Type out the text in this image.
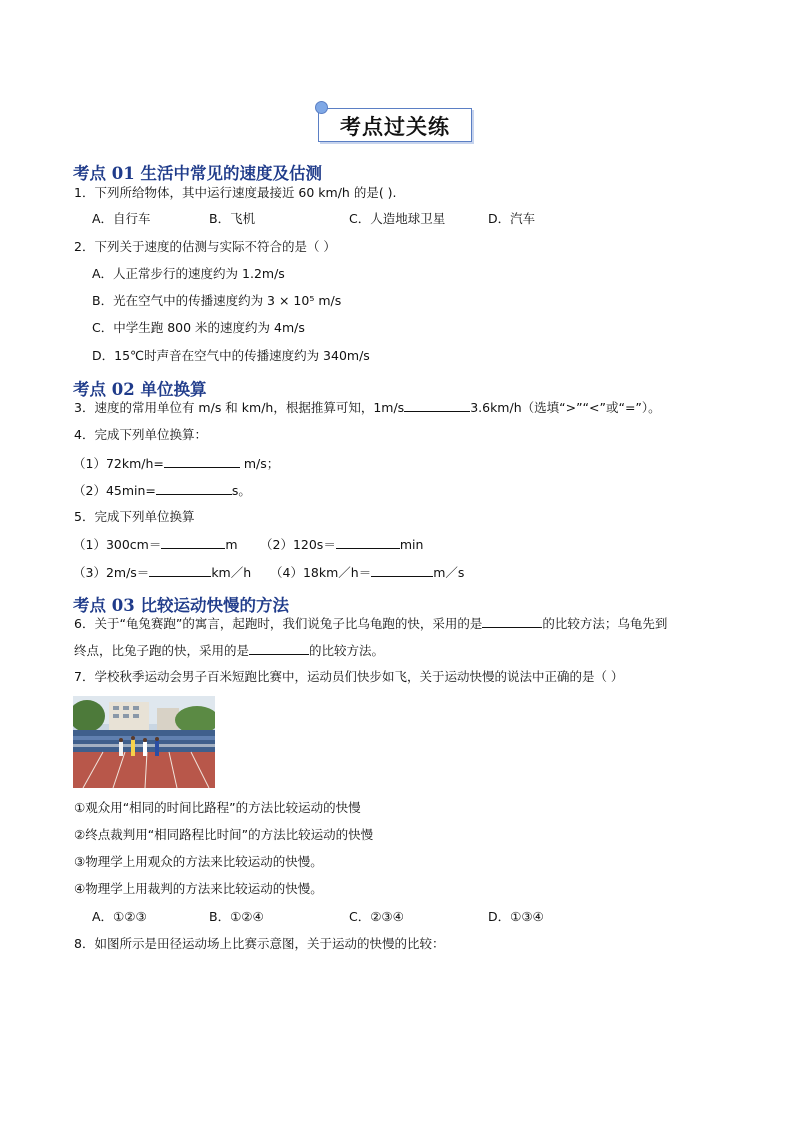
考点过关练
考点 01 生活中常见的速度及估测
1．下列所给物体，其中运行速度最接近 60 km/h 的是( ).
A．自行车	B．飞机	C．人造地球卫星	D．汽车
2．下列关于速度的估测与实际不符合的是（ ）
A．人正常步行的速度约为 1.2m/s
B．光在空气中的传播速度约为 3 × 10⁵ m/s
C．中学生跑 800 米的速度约为 4m/s
D．15℃时声音在空气中的传播速度约为 340m/s
考点 02 单位换算
3．速度的常用单位有 m/s 和 km/h，根据推算可知，1m/s	3.6km/h（选填“>”“<”或“=”）。
4．完成下列单位换算：
（1）72km/h=	m/s；
（2）45min=	s。
5．完成下列单位换算
（1）300cm＝	m （2）120s＝	min
（3）2m/s＝	km／h （4）18km／h＝	m／s
考点 03 比较运动快慢的方法
6．关于“龟兔赛跑”的寓言，起跑时，我们说兔子比乌龟跑的快，采用的是	的比较方法；乌龟先到
终点，比兔子跑的快，采用的是	的比较方法。
7．学校秋季运动会男子百米短跑比赛中，运动员们快步如飞，关于运动快慢的说法中正确的是（ ）
①观众用“相同的时间比路程”的方法比较运动的快慢
②终点裁判用“相同路程比时间”的方法比较运动的快慢
③物理学上用观众的方法来比较运动的快慢。
④物理学上用裁判的方法来比较运动的快慢。
A．①②③	B．①②④	C．②③④	D．①③④
8．如图所示是田径运动场上比赛示意图，关于运动的快慢的比较：
